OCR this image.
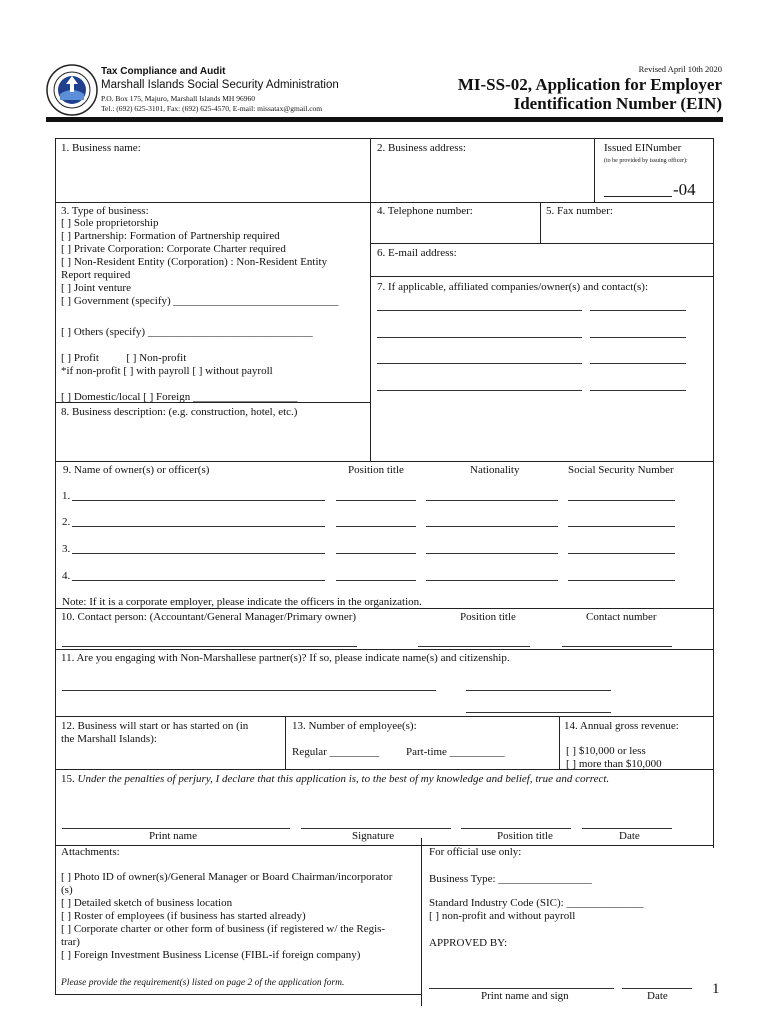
Tax Compliance and Audit
Marshall Islands Social Security Administration
P.O. Box 175, Majuro, Marshall Islands MH 96960
Tel.: (692) 625-3101, Fax: (692) 625-4570, E-mail: missatax@gmail.com
Revised April 10th 2020
MI-SS-02, Application for Employer
Identification Number (EIN)
1. Business name:	2. Business address:	Issued EINumber
(to be provided by issuing officer):
-04
3. Type of business:
[ ] Sole proprietorship
[ ] Partnership: Formation of Partnership required
[ ] Private Corporation: Corporate Charter required
[ ] Non-Resident Entity (Corporation) : Non-Resident Entity
Report required
[ ] Joint venture
[ ] Government (specify) ______________________________
[ ] Others (specify) ______________________________
[ ] Profit          [ ] Non-profit
*if non-profit [ ] with payroll [ ] without payroll
[ ] Domestic/local [ ] Foreign ___________________
4. Telephone number:	5. Fax number:
6. E-mail address:
7. If applicable, affiliated companies/owner(s) and contact(s):
8. Business description: (e.g. construction, hotel, etc.)
9. Name of owner(s) or officer(s)	Position title	Nationality	Social Security Number
1.
2.
3.
4.
Note: If it is a corporate employer, please indicate the officers in the organization.
10. Contact person: (Accountant/General Manager/Primary owner)	Position title	Contact number
11. Are you engaging with Non-Marshallese partner(s)? If so, please indicate name(s) and citizenship.
12. Business will start or has started on (in
the Marshall Islands):
13. Number of employee(s):
Regular _________ Part-time __________
14. Annual gross revenue:
[ ] $10,000 or less
[ ] more than $10,000
15. Under the penalties of perjury, I declare that this application is, to the best of my knowledge and belief, true and correct.
Print name	Signature	Position title	Date
Attachments:
[ ] Photo ID of owner(s)/General Manager or Board Chairman/incorporator
(s)
[ ] Detailed sketch of business location
[ ] Roster of employees (if business has started already)
[ ] Corporate charter or other form of business (if registered w/ the Regis-
trar)
[ ] Foreign Investment Business License (FIBL-if foreign company)
Please provide the requirement(s) listed on page 2 of the application form.
For official use only:
Business Type: _________________
Standard Industry Code (SIC): ______________
[ ] non-profit and without payroll
APPROVED BY:
Print name and sign	Date	1
